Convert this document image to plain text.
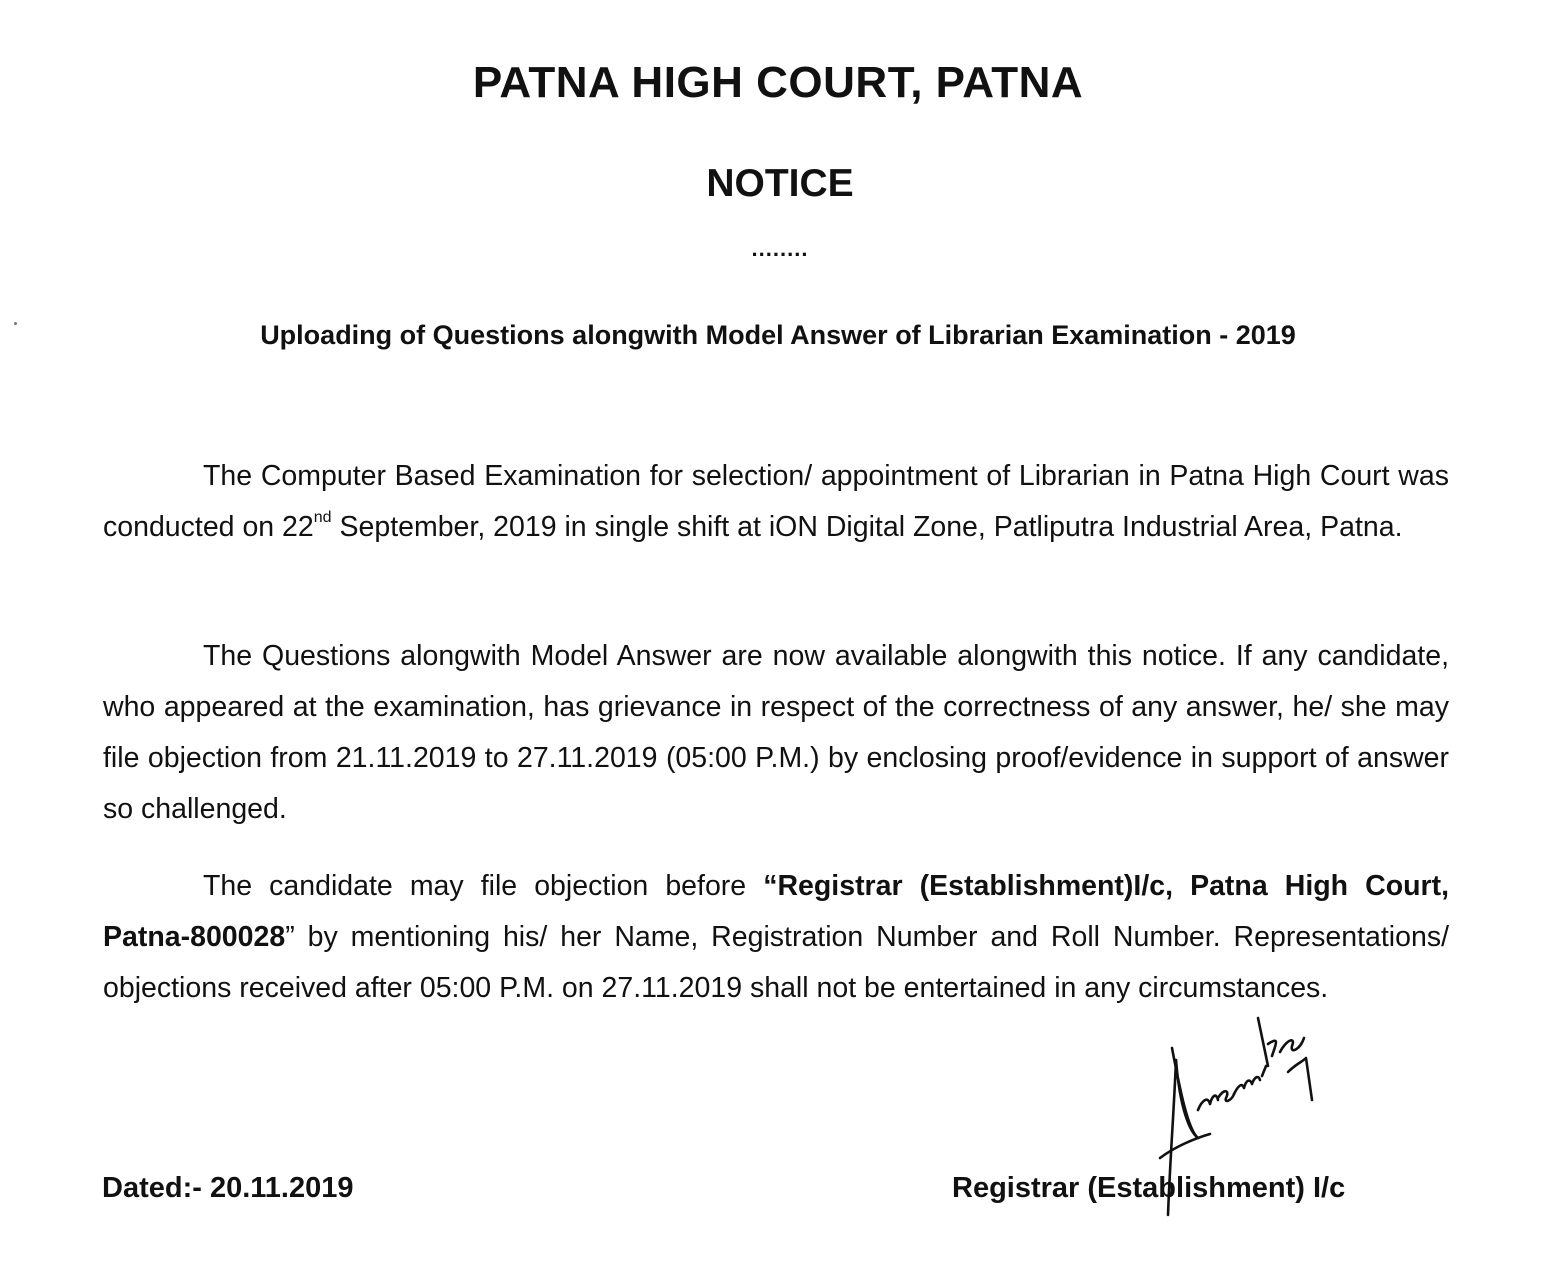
PATNA HIGH COURT, PATNA
NOTICE
........
Uploading of Questions alongwith Model Answer of Librarian Examination - 2019
The Computer Based Examination for selection/ appointment of Librarian in Patna High Court was conducted on 22nd September, 2019 in single shift at iON Digital Zone, Patliputra Industrial Area, Patna.
The Questions alongwith Model Answer are now available alongwith this notice. If any candidate, who appeared at the examination, has grievance in respect of the correctness of any answer, he/ she may file objection from 21.11.2019 to 27.11.2019 (05:00 P.M.) by enclosing proof/evidence in support of answer so challenged.
The candidate may file objection before “Registrar (Establishment)I/c, Patna High Court, Patna-800028” by mentioning his/ her Name, Registration Number and Roll Number. Representations/ objections received after 05:00 P.M. on 27.11.2019 shall not be entertained in any circumstances.
Dated:- 20.11.2019	Registrar (Establishment) I/c
